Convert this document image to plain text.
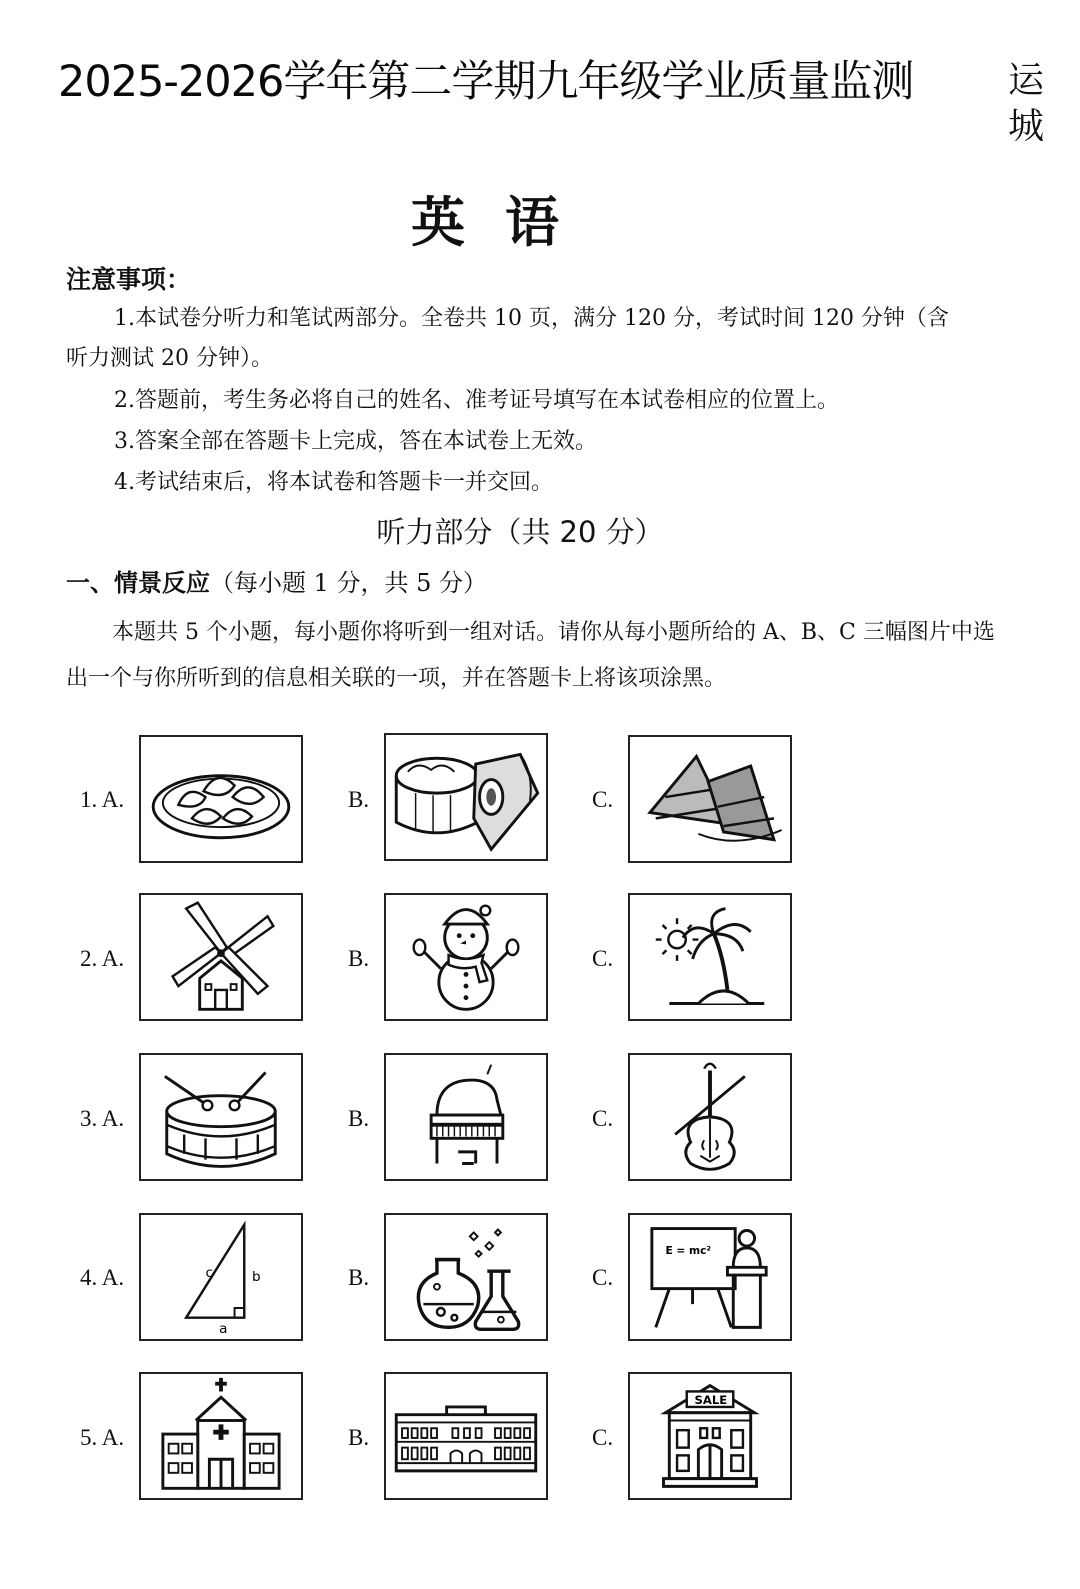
2025-2026学年第二学期九年级学业质量监测	运
城
英语
注意事项：
1.本试卷分听力和笔试两部分。全卷共 10 页，满分 120 分，考试时间 120 分钟（含
听力测试 20 分钟）。
2.答题前，考生务必将自己的姓名、准考证号填写在本试卷相应的位置上。
3.答案全部在答题卡上完成，答在本试卷上无效。
4.考试结束后，将本试卷和答题卡一并交回。
听力部分（共 20 分）
一、情景反应（每小题 1 分，共 5 分）
本题共 5 个小题，每小题你将听到一组对话。请你从每小题所给的 A、B、C 三幅图片中选出一个与你所听到的信息相关联的一项，并在答题卡上将该项涂黑。
1. A.	B.	C.
2. A.	B.	C.
3. A.	B.	C.
4. A.	B.	C.
c	b
a
E = mc²
5. A.	B.	C.
SALE
